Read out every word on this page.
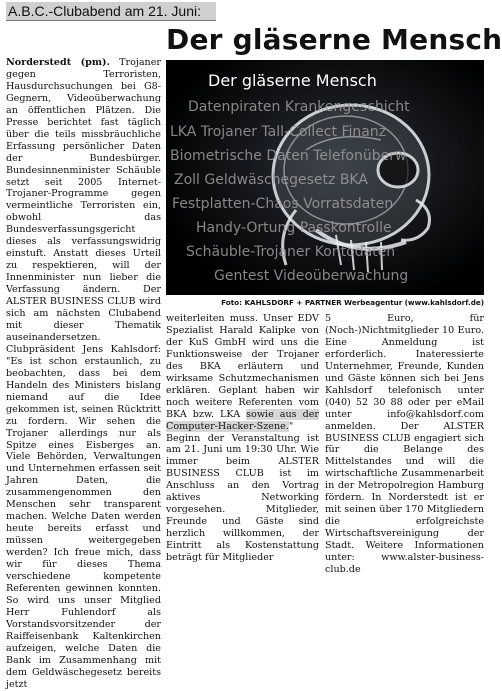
A.B.C.-Clubabend am 21. Juni:
Der gläserne Mensch
Norderstedt (pm). Trojaner gegen Terroristen, Hausdurchsuchungen bei G8-Gegnern, Videoüberwachung an öffentlichen Plätzen. Die Presse berichtet fast täglich über die teils missbräuchliche Erfassung persönlicher Daten der Bundesbürger. Bundesinnenminister Schäuble setzt seit 2005 Internet-Trojaner-Programme gegen vermeintliche Terroristen ein, obwohl das Bundesverfassungsgericht dieses als verfassungswidrig einstuft. Anstatt dieses Urteil zu respektieren, will der Innenminister nun lieber die Verfassung ändern. Der ALSTER BUSINESS CLUB wird sich am nächsten Clubabend mit dieser Thematik auseinandersetzen. Clubpräsident Jens Kahlsdorf: "Es ist schon erstaunlich, zu beobachten, dass bei dem Handeln des Ministers bislang niemand auf die Idee gekommen ist, seinen Rücktritt zu fordern. Wir sehen die Trojaner allerdings nur als Spitze eines Eisberges an. Viele Behörden, Verwaltungen und Unternehmen erfassen seit Jahren Daten, die zusammengenommen den Menschen sehr transparent machen. Welche Daten werden heute bereits erfasst und müssen weitergegeben werden? Ich freue mich, dass wir für dieses Thema verschiedene kompetente Referenten gewinnen konnten. So wird uns unser Mitglied Herr Fuhlendorf als Vorstandsvorsitzender der Raiffeisenbank Kaltenkirchen aufzeigen, welche Daten die Bank im Zusammenhang mit dem Geldwäschegesetz bereits jetzt
Der gläserne Mensch
Datenpiraten Krankengeschicht
LKA Trojaner Tall-Collect Finanz
Biometrische Daten Telefonüberw
Zoll Geldwäschegesetz BKA
Festplatten-Chaos Vorratsdaten
Handy-Ortung Passkontrolle
Schäuble-Trojaner Kontodaten
Gentest Videoüberwachung
Foto: KAHLSDORF + PARTNER Werbeagentur (www.kahlsdorf.de)
weiterleiten muss. Unser EDV Spezialist Harald Kalipke von der KuS GmbH wird uns die Funktionsweise der Trojaner des BKA erläutern und wirksame Schutzmechanismen erklären. Geplant haben wir noch weitere Referenten vom BKA bzw. LKA sowie aus der Computer-Hacker-Szene." Beginn der Veranstaltung ist am 21. Juni um 19:30 Uhr. Wie immer beim ALSTER BUSINESS CLUB ist im Anschluss an den Vortrag aktives Networking vorgesehen. Mitglieder, Freunde und Gäste sind herzlich willkommen, der Eintritt als Kostenstattung beträgt für Mitglieder
5 Euro, für (Noch-)Nichtmitglieder 10 Euro. Eine Anmeldung ist erforderlich. Inateressierte Unternehmer, Freunde, Kunden und Gäste können sich bei Jens Kahlsdorf telefonisch unter (040) 52 30 88 oder per eMail unter info@kahlsdorf.com anmelden. Der ALSTER BUSINESS CLUB engagiert sich für die Belange des Mittelstandes und will die wirtschaftliche Zusammenarbeit in der Metropolregion Hamburg fördern. In Norderstedt ist er mit seinen über 170 Mitgliedern die erfolgreichste Wirtschaftsvereinigung der Stadt. Weitere Informationen unter: www.alster-business-club.de
